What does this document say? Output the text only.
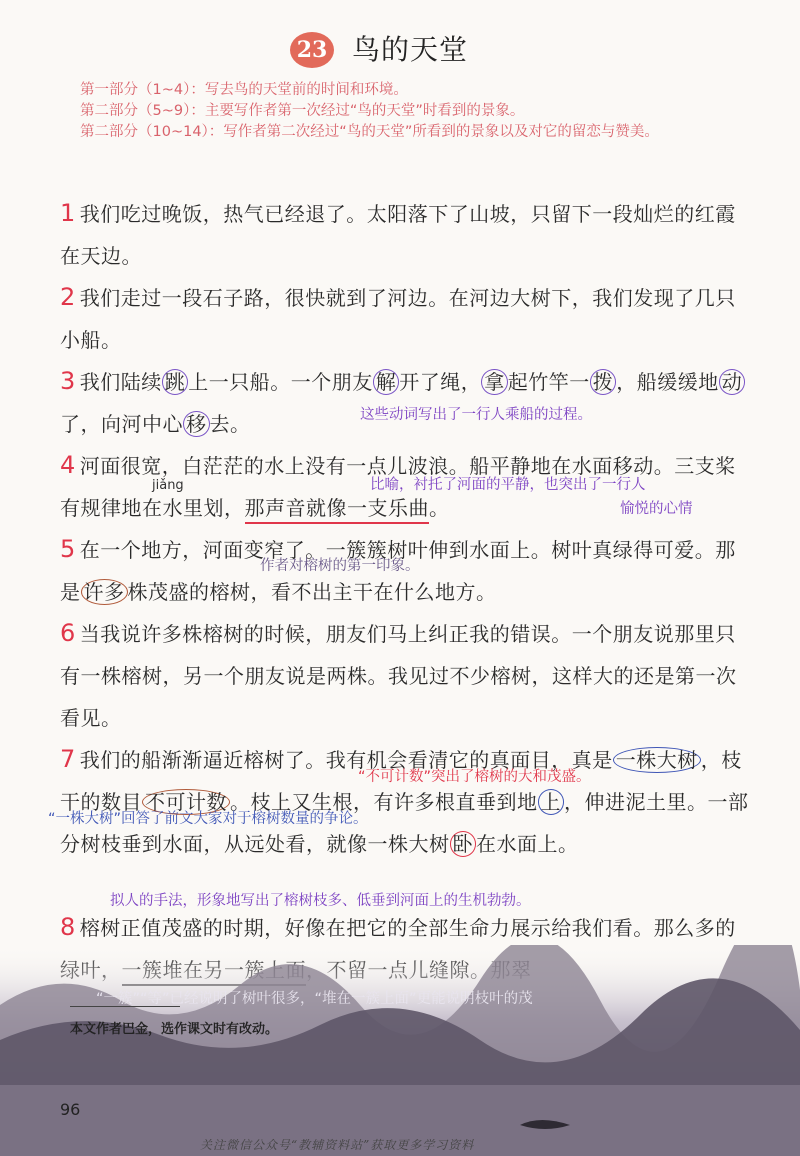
23 鸟的天堂
第一部分（1~4）： 写去鸟的天堂前的时间和环境。
第二部分（5~9）： 主要写作者第一次经过“鸟的天堂”时看到的景象。
第二部分（10~14）： 写作者第二次经过“鸟的天堂”所看到的景象以及对它的留恋与赞美。
1 我们吃过晚饭，热气已经退了。太阳落下了山坡，只留下一段灿烂的红霞在天边。
2 我们走过一段石子路，很快就到了河边。在河边大树下，我们发现了几只小船。
3 我们陆续 跳 上一只船。一个朋友 解 开了绳， 拿 起竹竿一 拨 ，船缓缓地 动了，向河中心 移 去。	这些动词写出了一行人乘船的过程。
jiǎng
4 河面很宽，白茫茫的水上没有一点儿波浪。船平静地在水面移动。三支桨有规律地在水里划，那声音就像一支乐曲。
比喻，衬托了河面的平静，也突出了一行人
愉悦的心情
5 在一个地方，河面变窄了。一簇簇树叶伸到水面上。树叶真绿得可爱。那是 许多 株茂盛的榕树，看不出主干在什么地方。
作者对榕树的第一印象。
6 当我说许多株榕树的时候，朋友们马上纠正我的错误。一个朋友说那里只有一株榕树，另一个朋友说是两株。我见过不少榕树，这样大的还是第一次看见。
7 我们的船渐渐逼近榕树了。我有机会看清它的真面目，真是 一株大树 ，枝干的数目 不可计数 。枝上又生根，有许多根直垂到地 上 ，伸进泥土里。一部分树枝垂到水面，从远处看，就像一株大树 卧 在水面上。
“不可计数”突出了榕树的大和茂盛。
“一株大树”回答了前文大家对于榕树数量的争论。
拟人的手法，形象地写出了榕树枝多、低垂到河面上的生机勃勃。
8 榕树正值茂盛的时期，好像在把它的全部生命力展示给我们看。那么多的
“一簇”“等”已经说明了树叶很多，“堆在一簇上面”更能说明枝叶的茂
本文作者巴金，选作课文时有改动。
96
关注微信公众号“教辅资料站”获取更多学习资料
